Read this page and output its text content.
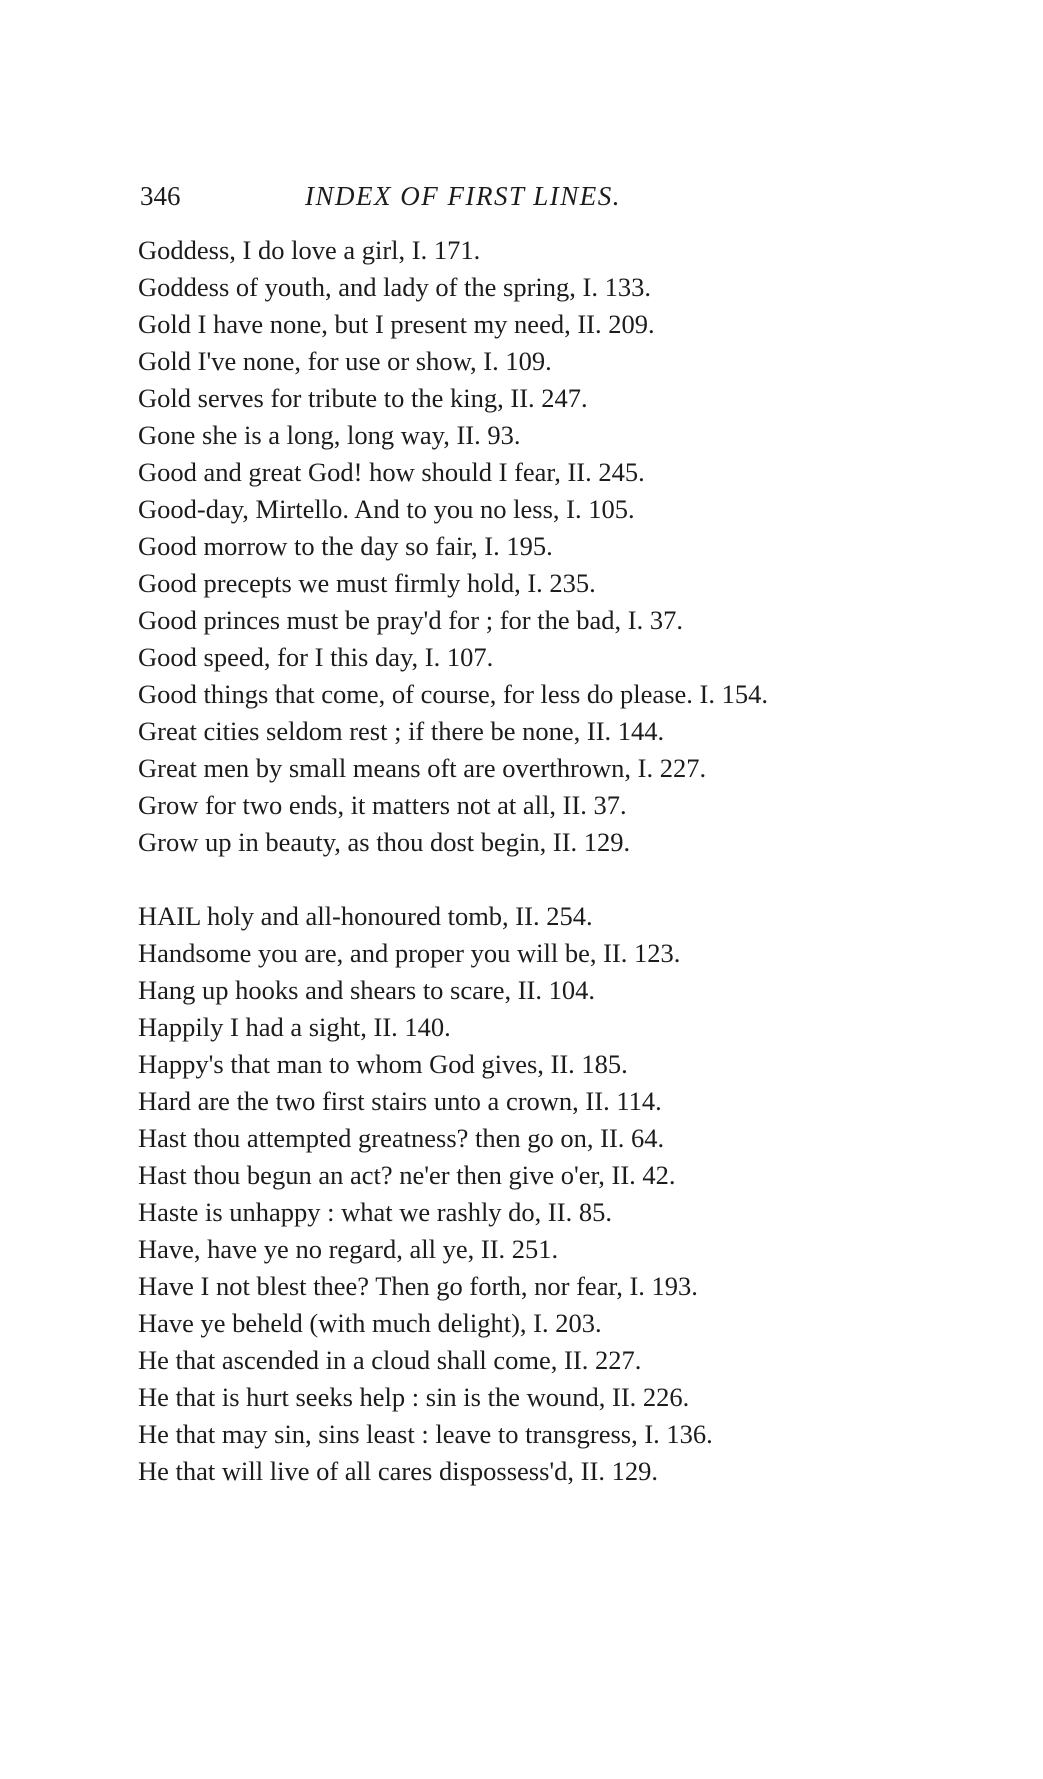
346	INDEX OF FIRST LINES.
Goddess, I do love a girl, I. 171.
Goddess of youth, and lady of the spring, I. 133.
Gold I have none, but I present my need, II. 209.
Gold I've none, for use or show, I. 109.
Gold serves for tribute to the king, II. 247.
Gone she is a long, long way, II. 93.
Good and great God! how should I fear, II. 245.
Good-day, Mirtello. And to you no less, I. 105.
Good morrow to the day so fair, I. 195.
Good precepts we must firmly hold, I. 235.
Good princes must be pray'd for ; for the bad, I. 37.
Good speed, for I this day, I. 107.
Good things that come, of course, for less do please. I. 154.
Great cities seldom rest ; if there be none, II. 144.
Great men by small means oft are overthrown, I. 227.
Grow for two ends, it matters not at all, II. 37.
Grow up in beauty, as thou dost begin, II. 129.
HAIL holy and all-honoured tomb, II. 254.
Handsome you are, and proper you will be, II. 123.
Hang up hooks and shears to scare, II. 104.
Happily I had a sight, II. 140.
Happy's that man to whom God gives, II. 185.
Hard are the two first stairs unto a crown, II. 114.
Hast thou attempted greatness? then go on, II. 64.
Hast thou begun an act? ne'er then give o'er, II. 42.
Haste is unhappy : what we rashly do, II. 85.
Have, have ye no regard, all ye, II. 251.
Have I not blest thee? Then go forth, nor fear, I. 193.
Have ye beheld (with much delight), I. 203.
He that ascended in a cloud shall come, II. 227.
He that is hurt seeks help : sin is the wound, II. 226.
He that may sin, sins least : leave to transgress, I. 136.
He that will live of all cares dispossess'd, II. 129.
